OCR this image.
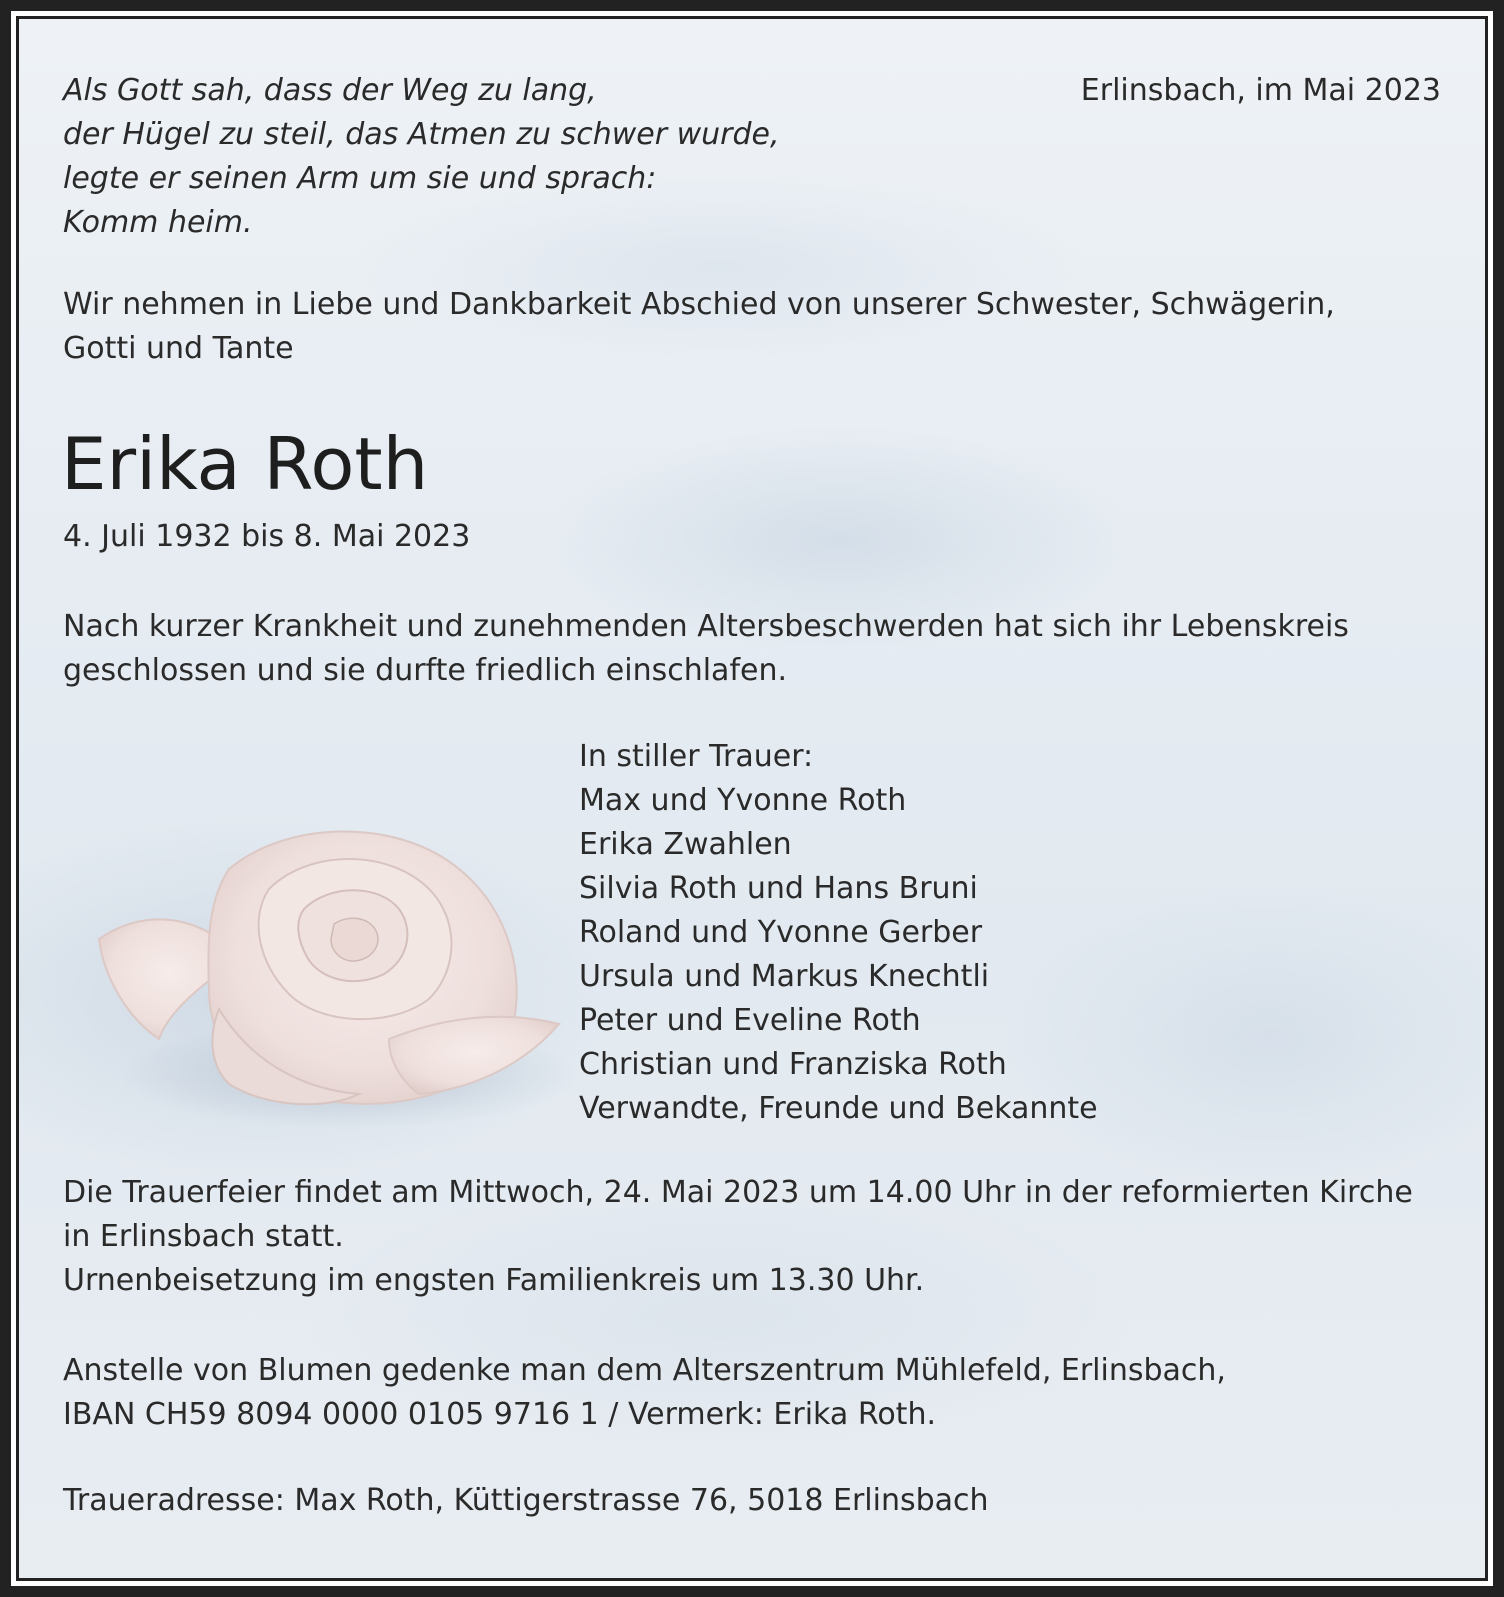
Als Gott sah, dass der Weg zu lang,
der Hügel zu steil, das Atmen zu schwer wurde,
legte er seinen Arm um sie und sprach:
Komm heim.
Erlinsbach, im Mai 2023
Wir nehmen in Liebe und Dankbarkeit Abschied von unserer Schwester, Schwägerin,
Gotti und Tante
Erika Roth
4. Juli 1932 bis 8. Mai 2023
Nach kurzer Krankheit und zunehmenden Altersbeschwerden hat sich ihr Lebenskreis
geschlossen und sie durfte friedlich einschlafen.
In stiller Trauer:
Max und Yvonne Roth
Erika Zwahlen
Silvia Roth und Hans Bruni
Roland und Yvonne Gerber
Ursula und Markus Knechtli
Peter und Eveline Roth
Christian und Franziska Roth
Verwandte, Freunde und Bekannte
Die Trauerfeier findet am Mittwoch, 24. Mai 2023 um 14.00 Uhr in der reformierten Kirche
in Erlinsbach statt.
Urnenbeisetzung im engsten Familienkreis um 13.30 Uhr.
Anstelle von Blumen gedenke man dem Alterszentrum Mühlefeld, Erlinsbach,
IBAN CH59 8094 0000 0105 9716 1 / Vermerk: Erika Roth.
Traueradresse: Max Roth, Küttigerstrasse 76, 5018 Erlinsbach
